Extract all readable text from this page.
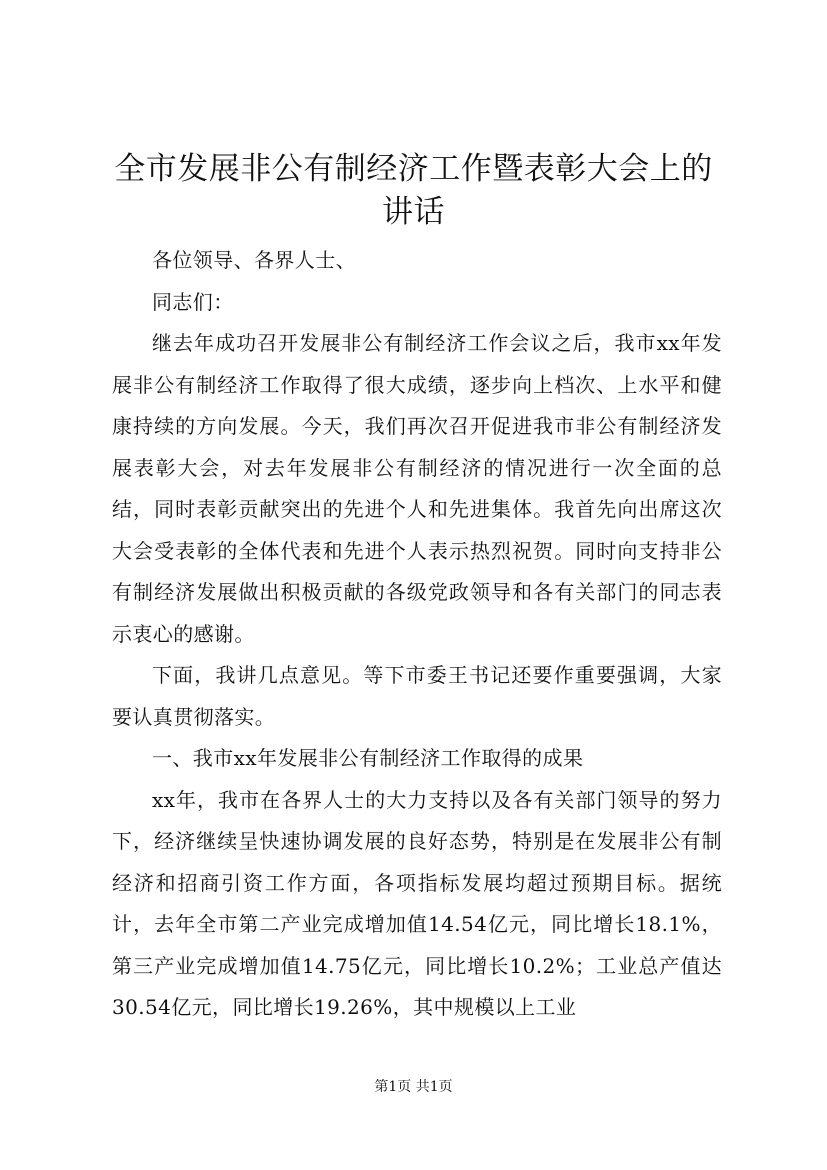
全市发展非公有制经济工作暨表彰大会上的讲话

各位领导、各界人士、

同志们：

继去年成功召开发展非公有制经济工作会议之后，我市xx年发展非公有制经济工作取得了很大成绩，逐步向上档次、上水平和健康持续的方向发展。今天，我们再次召开促进我市非公有制经济发展表彰大会，对去年发展非公有制经济的情况进行一次全面的总结，同时表彰贡献突出的先进个人和先进集体。我首先向出席这次大会受表彰的全体代表和先进个人表示热烈祝贺。同时向支持非公有制经济发展做出积极贡献的各级党政领导和各有关部门的同志表示衷心的感谢。

下面，我讲几点意见。等下市委王书记还要作重要强调，大家要认真贯彻落实。

一、我市xx年发展非公有制经济工作取得的成果

xx年，我市在各界人士的大力支持以及各有关部门领导的努力下，经济继续呈快速协调发展的良好态势，特别是在发展非公有制经济和招商引资工作方面，各项指标发展均超过预期目标。据统计，去年全市第二产业完成增加值14.54亿元，同比增长18.1%，第三产业完成增加值14.75亿元，同比增长10.2%；工业总产值达30.54亿元，同比增长19.26%，其中规模以上工业

第1页 共1页
